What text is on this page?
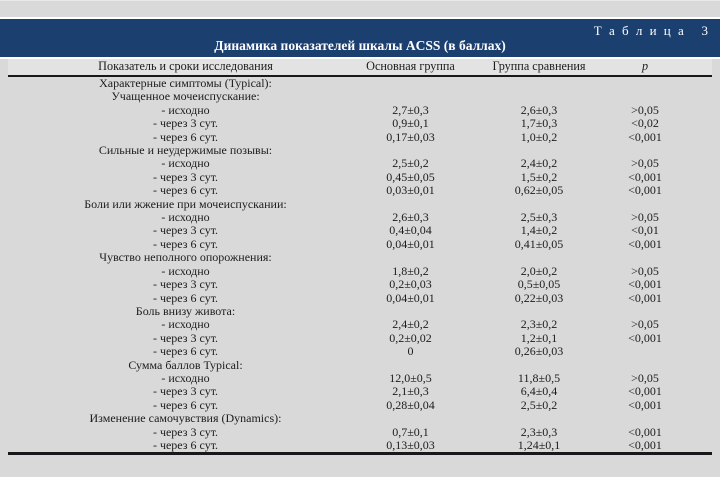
Т а б л и ц а   3
Динамика показателей шкалы ACSS (в баллах)
Показатель и сроки исследования	Основная группа	Группа сравнения	p
Характерные симптомы (Typical):			
Учащенное мочеиспускание:			
- исходно	2,7±0,3	2,6±0,3	>0,05
- через 3 сут.	0,9±0,1	1,7±0,3	<0,02
- через 6 сут.	0,17±0,03	1,0±0,2	<0,001
Сильные и неудержимые позывы:			
- исходно	2,5±0,2	2,4±0,2	>0,05
- через 3 сут.	0,45±0,05	1,5±0,2	<0,001
- через 6 сут.	0,03±0,01	0,62±0,05	<0,001
Боли или жжение при мочеиспускании:			
- исходно	2,6±0,3	2,5±0,3	>0,05
- через 3 сут.	0,4±0,04	1,4±0,2	<0,01
- через 6 сут.	0,04±0,01	0,41±0,05	<0,001
Чувство неполного опорожнения:			
- исходно	1,8±0,2	2,0±0,2	>0,05
- через 3 сут.	0,2±0,03	0,5±0,05	<0,001
- через 6 сут.	0,04±0,01	0,22±0,03	<0,001
Боль внизу живота:			
- исходно	2,4±0,2	2,3±0,2	>0,05
- через 3 сут.	0,2±0,02	1,2±0,1	<0,001
- через 6 сут.	0	0,26±0,03	
Сумма баллов Typical:			
- исходно	12,0±0,5	11,8±0,5	>0,05
- через 3 сут.	2,1±0,3	6,4±0,4	<0,001
- через 6 сут.	0,28±0,04	2,5±0,2	<0,001
Изменение самочувствия (Dynamics):			
- через 3 сут.	0,7±0,1	2,3±0,3	<0,001
- через 6 сут.	0,13±0,03	1,24±0,1	<0,001
